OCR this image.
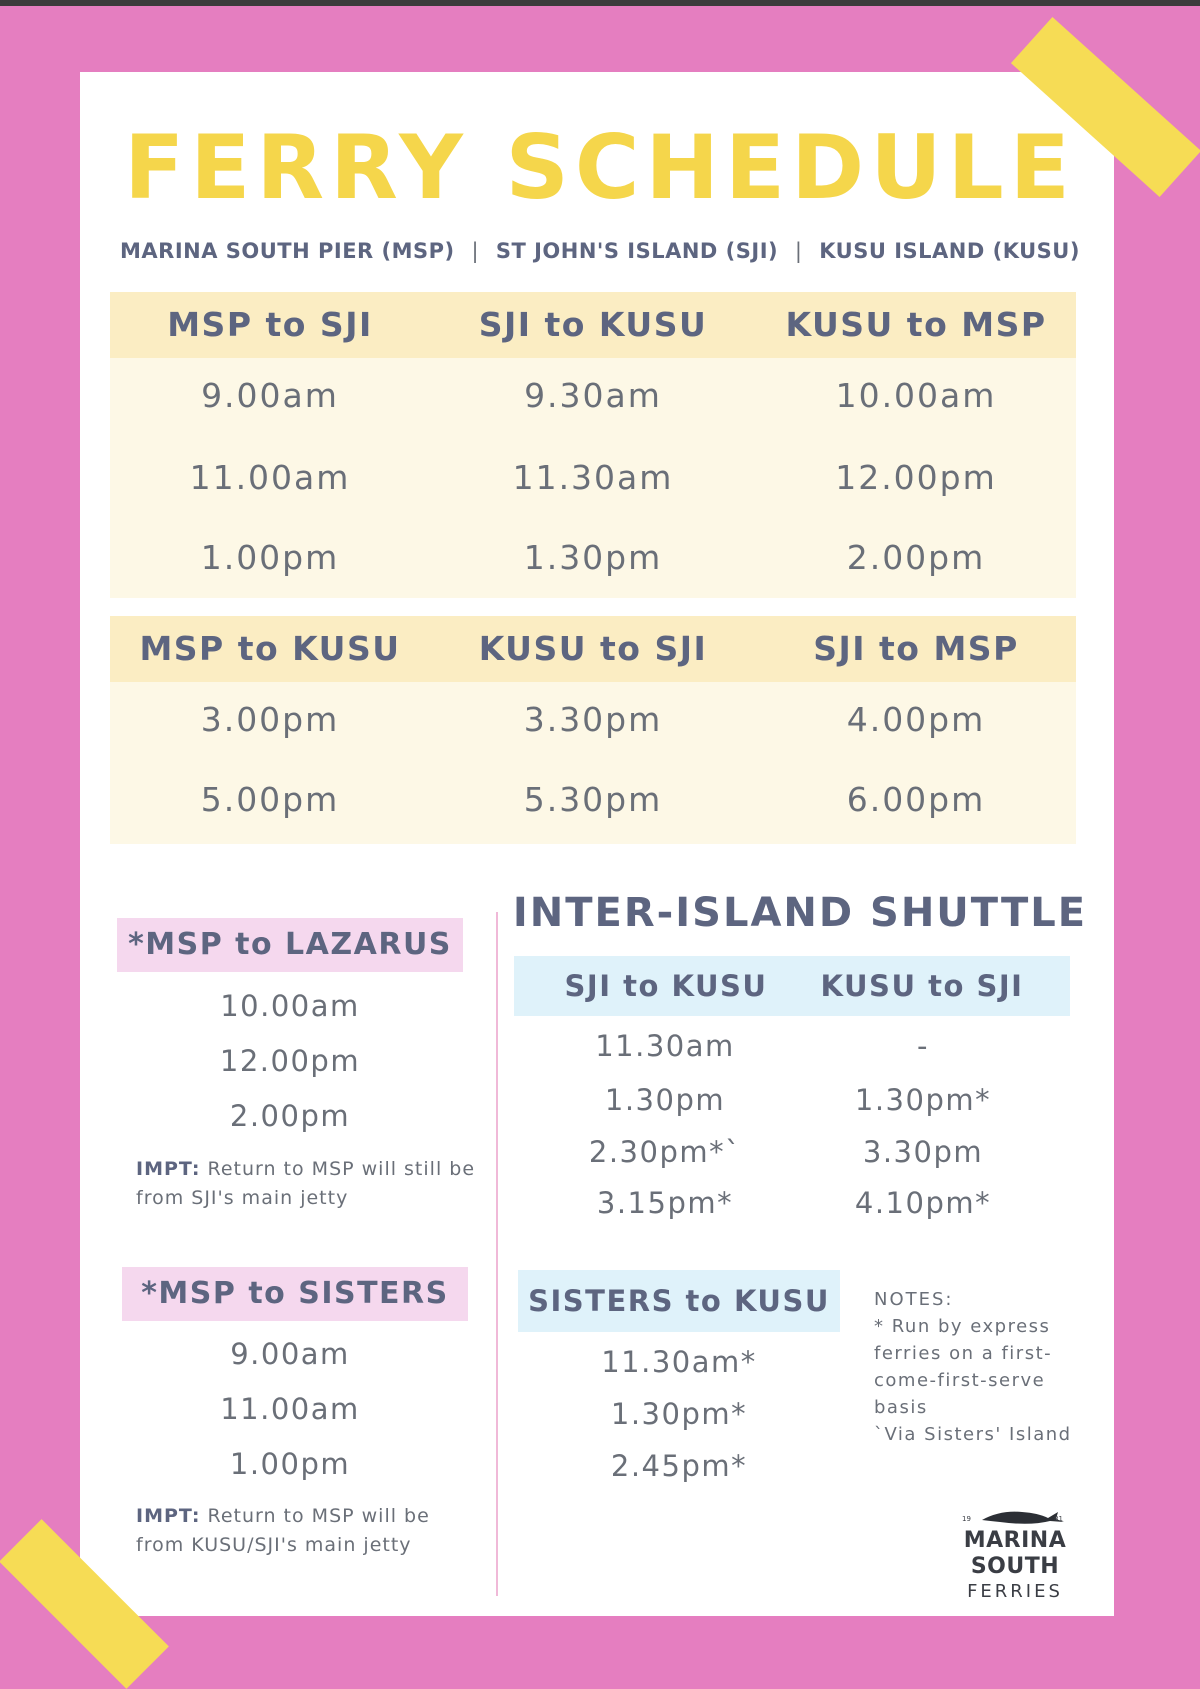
FERRY SCHEDULE
MARINA SOUTH PIER (MSP) | ST JOHN'S ISLAND (SJI) | KUSU ISLAND (KUSU)
MSP to SJI	SJI to KUSU	KUSU to MSP
9.00am	9.30am	10.00am
11.00am	11.30am	12.00pm
1.00pm	1.30pm	2.00pm
MSP to KUSU	KUSU to SJI	SJI to MSP
3.00pm	3.30pm	4.00pm
5.00pm	5.30pm	6.00pm
*MSP to LAZARUS
10.00am
12.00pm
2.00pm
IMPT: Return to MSP will still be from SJI's main jetty
*MSP to SISTERS
9.00am
11.00am
1.00pm
IMPT: Return to MSP will be from KUSU/SJI's main jetty
INTER-ISLAND SHUTTLE
SJI to KUSU	KUSU to SJI
11.30am	-
1.30pm	1.30pm*
2.30pm*`	3.30pm
3.15pm*	4.10pm*
SISTERS to KUSU
11.30am*
1.30pm*
2.45pm*
NOTES:
* Run by express ferries on a first-come-first-serve basis
`Via Sisters' Island
19	81
MARINA SOUTH
FERRIES
